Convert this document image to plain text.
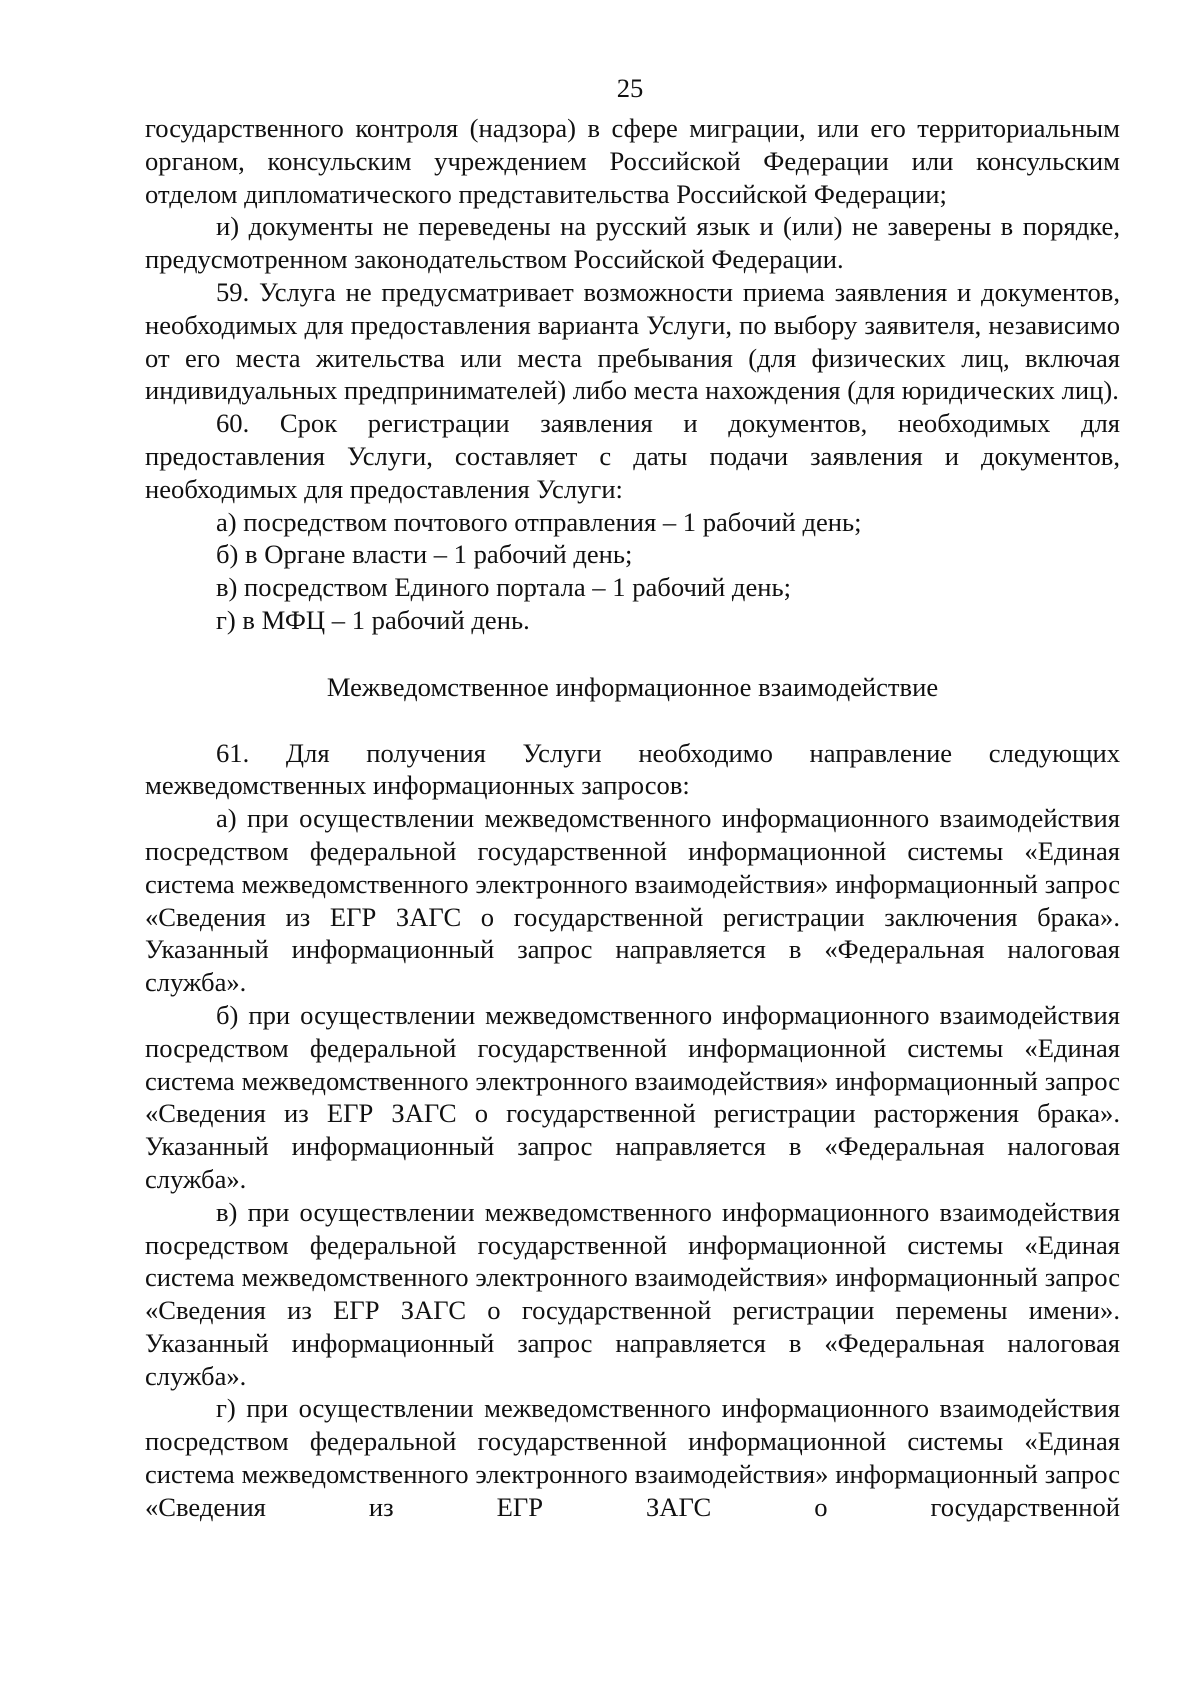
25

государственного контроля (надзора) в сфере миграции, или его территориальным органом, консульским учреждением Российской Федерации или консульским отделом дипломатического представительства Российской Федерации;

и) документы не переведены на русский язык и (или) не заверены в порядке, предусмотренном законодательством Российской Федерации.

59. Услуга не предусматривает возможности приема заявления и документов, необходимых для предоставления варианта Услуги, по выбору заявителя, независимо от его места жительства или места пребывания (для физических лиц, включая индивидуальных предпринимателей) либо места нахождения (для юридических лиц).

60. Срок регистрации заявления и документов, необходимых для предоставления Услуги, составляет с даты подачи заявления и документов, необходимых для предоставления Услуги:

а) посредством почтового отправления – 1 рабочий день;

б) в Органе власти – 1 рабочий день;

в) посредством Единого портала – 1 рабочий день;

г) в МФЦ – 1 рабочий день.

Межведомственное информационное взаимодействие

61. Для получения Услуги необходимо направление следующих межведомственных информационных запросов:

а) при осуществлении межведомственного информационного взаимодействия посредством федеральной государственной информационной системы «Единая система межведомственного электронного взаимодействия» информационный запрос «Сведения из ЕГР ЗАГС о государственной регистрации заключения брака». Указанный информационный запрос направляется в «Федеральная налоговая служба».

б) при осуществлении межведомственного информационного взаимодействия посредством федеральной государственной информационной системы «Единая система межведомственного электронного взаимодействия» информационный запрос «Сведения из ЕГР ЗАГС о государственной регистрации расторжения брака». Указанный информационный запрос направляется в «Федеральная налоговая служба».

в) при осуществлении межведомственного информационного взаимодействия посредством федеральной государственной информационной системы «Единая система межведомственного электронного взаимодействия» информационный запрос «Сведения из ЕГР ЗАГС о государственной регистрации перемены имени». Указанный информационный запрос направляется в «Федеральная налоговая служба».

г) при осуществлении межведомственного информационного взаимодействия посредством федеральной государственной информационной системы «Единая система межведомственного электронного взаимодействия» информационный запрос «Сведения из ЕГР ЗАГС о государственной
